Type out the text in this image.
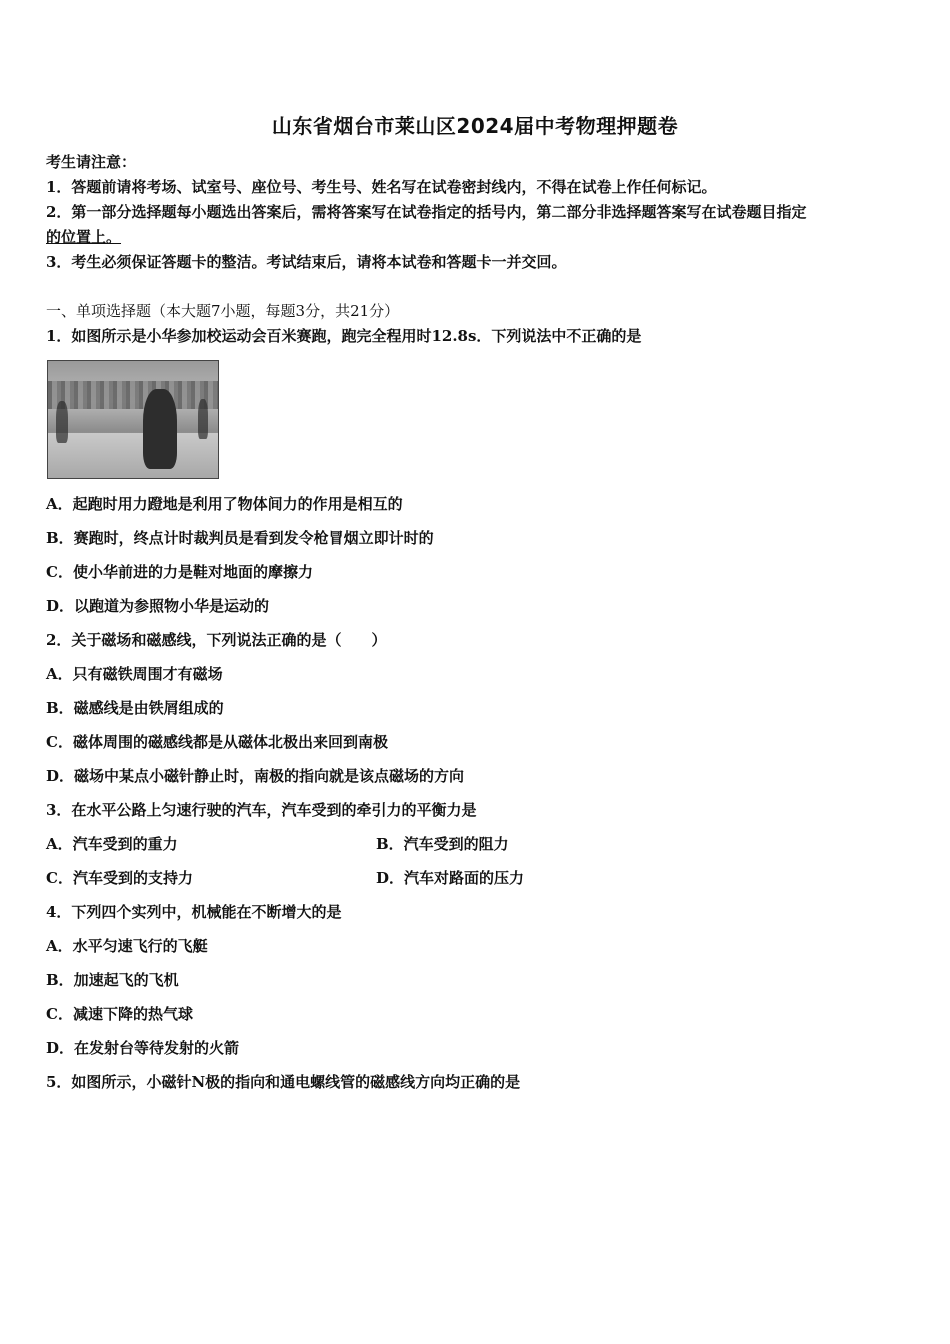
山东省烟台市莱山区2024届中考物理押题卷
考生请注意：
1．答题前请将考场、试室号、座位号、考生号、姓名写在试卷密封线内，不得在试卷上作任何标记。
2．第一部分选择题每小题选出答案后，需将答案写在试卷指定的括号内，第二部分非选择题答案写在试卷题目指定
的位置上。
3．考生必须保证答题卡的整洁。考试结束后，请将本试卷和答题卡一并交回。
一、单项选择题（本大题7小题，每题3分，共21分）
1．如图所示是小华参加校运动会百米赛跑，跑完全程用时12.8s．下列说法中不正确的是
A．起跑时用力蹬地是利用了物体间力的作用是相互的
B．赛跑时，终点计时裁判员是看到发令枪冒烟立即计时的
C．使小华前进的力是鞋对地面的摩擦力
D．以跑道为参照物小华是运动的
2．关于磁场和磁感线，下列说法正确的是（　　）
A．只有磁铁周围才有磁场
B．磁感线是由铁屑组成的
C．磁体周围的磁感线都是从磁体北极出来回到南极
D．磁场中某点小磁针静止时，南极的指向就是该点磁场的方向
3．在水平公路上匀速行驶的汽车，汽车受到的牵引力的平衡力是
A．汽车受到的重力	B．汽车受到的阻力
C．汽车受到的支持力	D．汽车对路面的压力
4．下列四个实列中，机械能在不断增大的是
A．水平匀速飞行的飞艇
B．加速起飞的飞机
C．减速下降的热气球
D．在发射台等待发射的火箭
5．如图所示，小磁针N极的指向和通电螺线管的磁感线方向均正确的是
